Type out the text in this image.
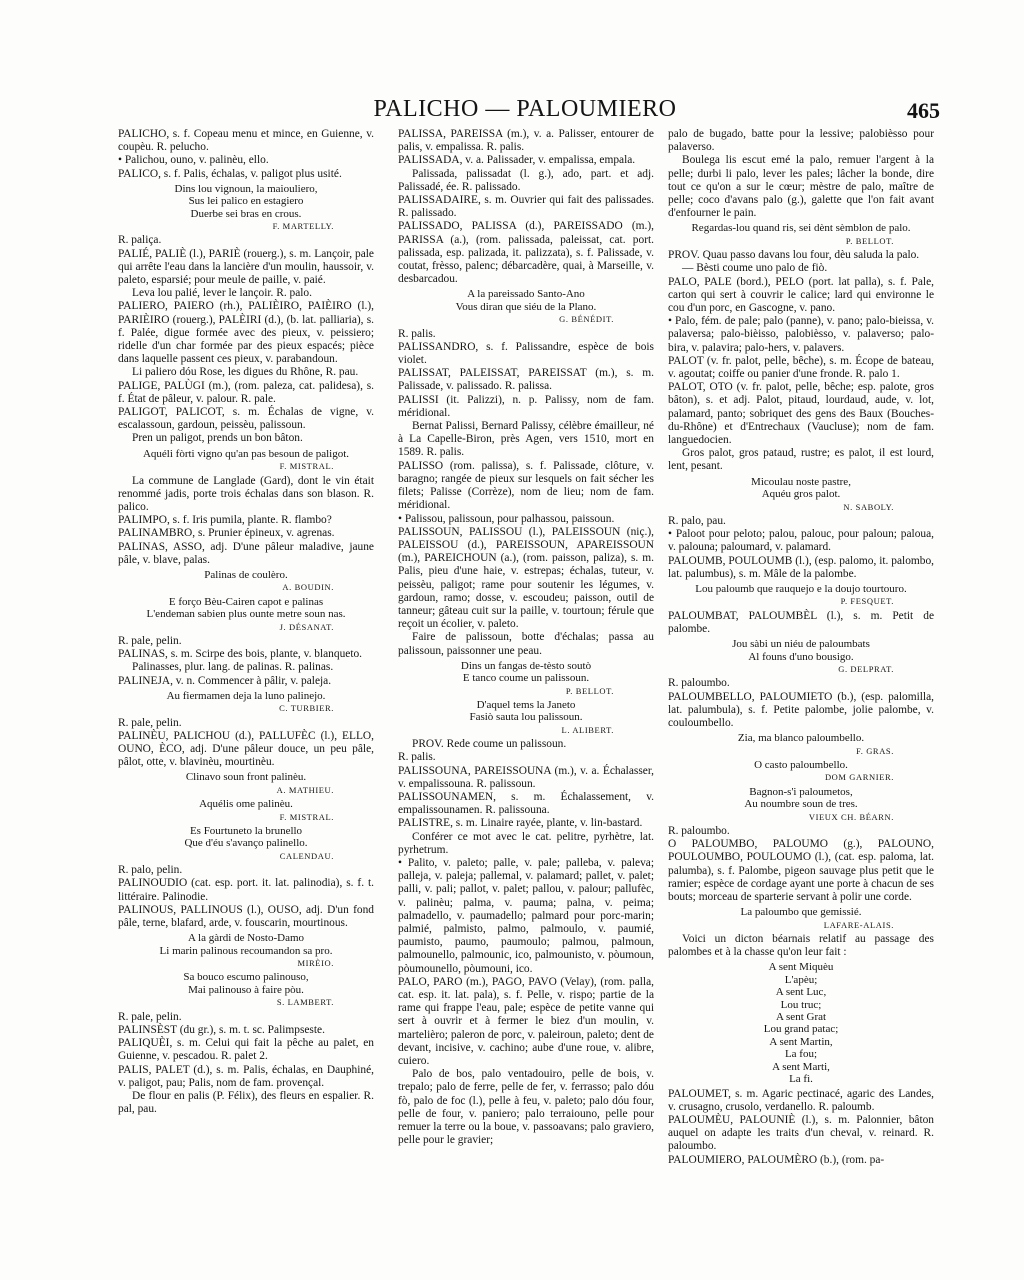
PALICHO — PALOUMIERO	465

PALICHO, s. f. Copeau menu et mince, en Guienne, v. coupèu. R. pelucho.

• Palichou, ouno, v. palinèu, ello.

PALICO, s. f. Palis, échalas, v. paligot plus usité.

Dins lou vignoun, la maiouliero,
Sus lei palico en estagiero
Duerbe sei bras en crous.
F. MARTELLY.

R. paliça.

PALIÉ, PALIÈ (l.), PARIÈ (rouerg.), s. m. Lançoir, pale qui arrête l'eau dans la lancière d'un moulin, haussoir, v. paleto, esparsié; pour meule de paille, v. paié.

Leva lou palié, lever le lançoir. R. palo.

PALIERO, PAIERO (rh.), PALIÈIRO, PAIÈIRO (l.), PARIÈIRO (rouerg.), PALÈIRI (d.), (b. lat. palliaria), s. f. Palée, digue formée avec des pieux, v. peissiero; ridelle d'un char formée par des pieux espacés; pièce dans laquelle passent ces pieux, v. parabandoun.

Li paliero dóu Rose, les digues du Rhône, R. pau.

PALIGE, PALÙGI (m.), (rom. paleza, cat. palidesa), s. f. État de pâleur, v. palour. R. pale.

PALIGOT, PALICOT, s. m. Échalas de vigne, v. escalassoun, gardoun, peissèu, palissoun.

Pren un paligot, prends un bon bâton.

Aquéli fòrti vigno qu'an pas besoun de paligot.
F. MISTRAL.

La commune de Langlade (Gard), dont le vin était renommé jadis, porte trois échalas dans son blason. R. palico.

PALIMPO, s. f. Iris pumila, plante. R. flambo?

PALINAMBRO, s. Prunier épineux, v. agrenas.

PALINAS, ASSO, adj. D'une pâleur maladive, jaune pâle, v. blave, palas.

Palinas de coulèro.
A. BOUDIN.
E forço Bèu-Cairen capot e palinas
L'endeman sabien plus ounte metre soun nas.
J. DÉSANAT.

R. pale, pelin.

PALINAS, s. m. Scirpe des bois, plante, v. blanqueto.

Palinasses, plur. lang. de palinas. R. palinas.

PALINEJA, v. n. Commencer à pâlir, v. paleja.

Au fiermamen deja la luno palinejo.
C. TURBIER.

R. pale, pelin.

PALINÈU, PALICHOU (d.), PALLUFÈC (l.), ELLO, OUNO, ÈCO, adj. D'une pâleur douce, un peu pâle, pâlot, otte, v. blavinèu, mourtinèu.

Clinavo soun front palinèu.
A. MATHIEU.
Aquélis ome palinèu.
F. MISTRAL.
Es Fourtuneto la brunello
Que d'éu s'avanço palinello.
CALENDAU.

R. palo, pelin.

PALINOUDIO (cat. esp. port. it. lat. palinodia), s. f. t. littéraire. Palinodie.

PALINOUS, PALLINOUS (l.), OUSO, adj. D'un fond pâle, terne, blafard, arde, v. fouscarin, mourtinous.

A la gàrdi de Nosto-Damo
Li marin palinous recoumandon sa pro.
MIRÈIO.
Sa bouco escumo palinouso,
Mai palinouso à faire pòu.
S. LAMBERT.

R. pale, pelin.

PALINSÈST (du gr.), s. m. t. sc. Palimpseste.

PALIQUÈI, s. m. Celui qui fait la pêche au palet, en Guienne, v. pescadou. R. palet 2.

PALIS, PALET (d.), s. m. Palis, échalas, en Dauphiné, v. paligot, pau; Palis, nom de fam. provençal.

De flour en palis (P. Félix), des fleurs en espalier. R. pal, pau.

PALISSA, PAREISSA (m.), v. a. Palisser, entourer de palis, v. empalissa. R. palis.

PALISSADA, v. a. Palissader, v. empalissa, empala.

Palissada, palissadat (l. g.), ado, part. et adj. Palissadé, ée. R. palissado.

PALISSADAIRE, s. m. Ouvrier qui fait des palissades. R. palissado.

PALISSADO, PALISSA (d.), PAREISSADO (m.), PARISSA (a.), (rom. palissada, paleissat, cat. port. palissada, esp. palizada, it. palizzata), s. f. Palissade, v. coutat, frèsso, palenc; débarcadère, quai, à Marseille, v. desbarcadou.

A la pareissado Santo-Ano
Vous diran que siéu de la Plano.
G. BÉNÉDIT.

R. palis.

PALISSANDRO, s. f. Palissandre, espèce de bois violet.

PALISSAT, PALEISSAT, PAREISSAT (m.), s. m. Palissade, v. palissado. R. palissa.

PALISSI (it. Palizzi), n. p. Palissy, nom de fam. méridional.

Bernat Palissi, Bernard Palissy, célèbre émailleur, né à La Capelle-Biron, près Agen, vers 1510, mort en 1589. R. palis.

PALISSO (rom. palissa), s. f. Palissade, clôture, v. baragno; rangée de pieux sur lesquels on fait sécher les filets; Palisse (Corrèze), nom de lieu; nom de fam. méridional.

• Palissou, palissoun, pour palhassou, paissoun.

PALISSOUN, PALISSOU (l.), PALEISSOUN (niç.), PALEISSOU (d.), PAREISSOUN, APAREISSOUN (m.), PAREICHOUN (a.), (rom. paisson, paliza), s. m. Palis, pieu d'une haie, v. estrepas; échalas, tuteur, v. peissèu, paligot; rame pour soutenir les légumes, v. gardoun, ramo; dosse, v. escoudeu; paisson, outil de tanneur; gâteau cuit sur la paille, v. tourtoun; férule que reçoit un écolier, v. paleto.

Faire de palissoun, botte d'échalas; passa au palissoun, paissonner une peau.

Dins un fangas de-tèsto soutò
E tanco coume un palissoun.
P. BELLOT.
D'aquel tems la Janeto
Fasiò sauta lou palissoun.
L. ALIBERT.

PROV. Rede coume un palissoun.

R. palis.

PALISSOUNA, PAREISSOUNA (m.), v. a. Échalasser, v. empalissouna. R. palissoun.

PALISSOUNAMEN, s. m. Échalassement, v. empalissounamen. R. palissouna.

PALISTRE, s. m. Linaire rayée, plante, v. lin-bastard.

Conférer ce mot avec le cat. pelitre, pyrhètre, lat. pyrhetrum.

• Palito, v. paleto; palle, v. pale; palleba, v. paleva; palleja, v. paleja; pallemal, v. palamard; pallet, v. palet; palli, v. pali; pallot, v. palet; pallou, v. palour; pallufèc, v. palinèu; palma, v. pauma; palna, v. peima; palmadello, v. paumadello; palmard pour porc-marin; palmié, palmisto, palmo, palmoulo, v. paumié, paumisto, paumo, paumoulo; palmou, palmoun, palmounello, palmounic, ico, palmounisto, v. pòumoun, pòumounello, pòumouni, ico.

PALO, PARO (m.), PAGO, PAVO (Velay), (rom. palla, cat. esp. it. lat. pala), s. f. Pelle, v. rispo; partie de la rame qui frappe l'eau, pale; espèce de petite vanne qui sert à ouvrir et à fermer le biez d'un moulin, v. martelièro; paleron de porc, v. paleiroun, paleto; dent de devant, incisive, v. cachino; aube d'une roue, v. alibre, cuiero.

Palo de bos, palo ventadouiro, pelle de bois, v. trepalo; palo de ferre, pelle de fer, v. ferrasso; palo dóu fò, palo de foc (l.), pelle à feu, v. paleto; palo dóu four, pelle de four, v. paniero; palo terraiouno, pelle pour remuer la terre ou la boue, v. passoavans; palo graviero, pelle pour le gravier;

palo de bugado, batte pour la lessive; palobièsso pour palaverso.

Boulega lis escut emé la palo, remuer l'argent à la pelle; durbi li palo, lever les pales; lâcher la bonde, dire tout ce qu'on a sur le cœur; mèstre de palo, maître de pelle; coco d'avans palo (g.), galette que l'on fait avant d'enfourner le pain.

Regardas-lou quand ris, sei dènt sèmblon de palo.
P. BELLOT.

PROV. Quau passo davans lou four, dèu saluda la palo.

— Bèsti coume uno palo de fiò.

PALO, PALE (bord.), PELO (port. lat palla), s. f. Pale, carton qui sert à couvrir le calice; lard qui environne le cou d'un porc, en Gascogne, v. pano.

• Palo, fém. de pale; palo (panne), v. pano; palo-bieissa, v. palaversa; palo-bièisso, palobièsso, v. palaverso; palo-bira, v. palavira; palo-hers, v. palavers.

PALOT (v. fr. palot, pelle, bêche), s. m. Écope de bateau, v. agoutat; coiffe ou panier d'une fronde. R. palo 1.

PALOT, OTO (v. fr. palot, pelle, bêche; esp. palote, gros bâton), s. et adj. Palot, pitaud, lourdaud, aude, v. lot, palamard, panto; sobriquet des gens des Baux (Bouches-du-Rhône) et d'Entrechaux (Vaucluse); nom de fam. languedocien.

Gros palot, gros pataud, rustre; es palot, il est lourd, lent, pesant.

Micoulau noste pastre,
Aquéu gros palot.
N. SABOLY.

R. palo, pau.

• Paloot pour peloto; palou, palouc, pour paloun; paloua, v. palouna; paloumard, v. palamard.

PALOUMB, POULOUMB (l.), (esp. palomo, it. palombo, lat. palumbus), s. m. Mâle de la palombe.

Lou paloumb que rauquejo e la doujo tourtouro.
P. FESQUET.

PALOUMBAT, PALOUMBÈL (l.), s. m. Petit de palombe.

Jou sàbi un niéu de paloumbats
Al founs d'uno bousigo.
G. DELPRAT.

R. paloumbo.

PALOUMBELLO, PALOUMIETO (b.), (esp. palomilla, lat. palumbula), s. f. Petite palombe, jolie palombe, v. couloumbello.

Zia, ma blanco paloumbello.
F. GRAS.
O casto paloumbello.
DOM GARNIER.
Bagnon-s'i paloumetos,
Au noumbre soun de tres.
VIEUX CH. BÉARN.

R. paloumbo.

O PALOUMBO, PALOUMO (g.), PALOUNO, POULOUMBO, POULOUMO (l.), (cat. esp. paloma, lat. palumba), s. f. Palombe, pigeon sauvage plus petit que le ramier; espèce de cordage ayant une porte à chacun de ses bouts; morceau de sparterie servant à polir une corde.

La paloumbo que gemissié.
LAFARE-ALAIS.

Voici un dicton béarnais relatif au passage des palombes et à la chasse qu'on leur fait :

A sent Miquèu
L'apèu;
A sent Luc,
Lou truc;
A sent Grat
Lou grand patac;
A sent Martin,
La fou;
A sent Marti,
La fì.

PALOUMET, s. m. Agaric pectinacé, agaric des Landes, v. crusagno, crusolo, verdanello. R. paloumb.

PALOUMÈU, PALOUNIÈ (l.), s. m. Palonnier, bâton auquel on adapte les traits d'un cheval, v. reinard. R. paloumbo.

PALOUMIERO, PALOUMÈRO (b.), (rom. pa-
